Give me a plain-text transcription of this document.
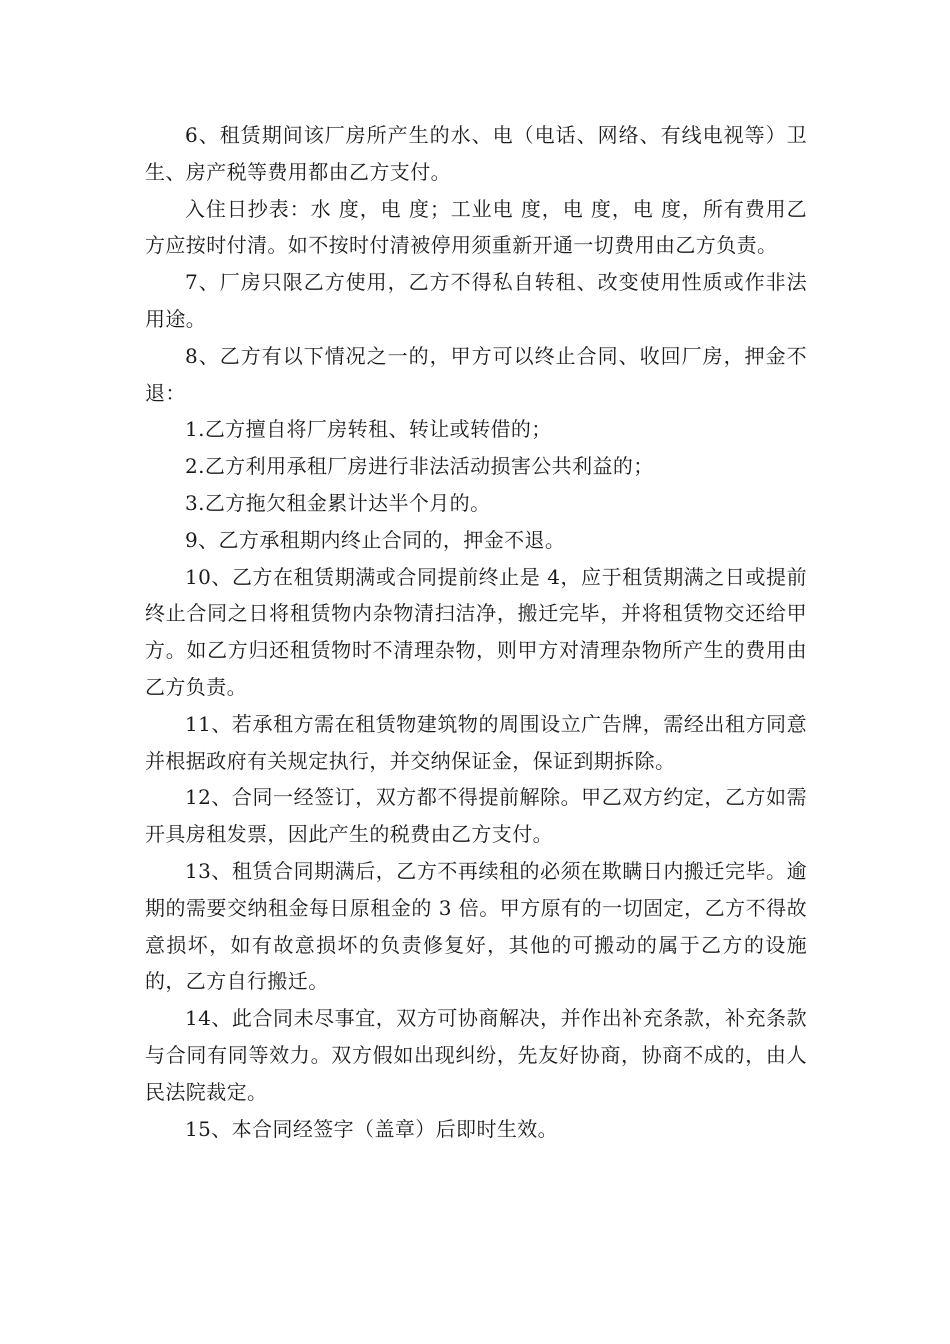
6、租赁期间该厂房所产生的水、电（电话、网络、有线电视等）卫生、房产税等费用都由乙方支付。

入住日抄表：水 度，电 度；工业电 度，电 度，电 度，所有费用乙方应按时付清。如不按时付清被停用须重新开通一切费用由乙方负责。

7、厂房只限乙方使用，乙方不得私自转租、改变使用性质或作非法用途。

8、乙方有以下情况之一的，甲方可以终止合同、收回厂房，押金不退：

1.乙方擅自将厂房转租、转让或转借的；

2.乙方利用承租厂房进行非法活动损害公共利益的；

3.乙方拖欠租金累计达半个月的。

9、乙方承租期内终止合同的，押金不退。

10、乙方在租赁期满或合同提前终止是 4，应于租赁期满之日或提前终止合同之日将租赁物内杂物清扫洁净，搬迁完毕，并将租赁物交还给甲方。如乙方归还租赁物时不清理杂物，则甲方对清理杂物所产生的费用由乙方负责。

11、若承租方需在租赁物建筑物的周围设立广告牌，需经出租方同意并根据政府有关规定执行，并交纳保证金，保证到期拆除。

12、合同一经签订，双方都不得提前解除。甲乙双方约定，乙方如需开具房租发票，因此产生的税费由乙方支付。

13、租赁合同期满后，乙方不再续租的必须在欺瞒日内搬迁完毕。逾期的需要交纳租金每日原租金的 3 倍。甲方原有的一切固定，乙方不得故意损坏，如有故意损坏的负责修复好，其他的可搬动的属于乙方的设施的，乙方自行搬迁。

14、此合同未尽事宜，双方可协商解决，并作出补充条款，补充条款与合同有同等效力。双方假如出现纠纷，先友好协商，协商不成的，由人民法院裁定。

15、本合同经签字（盖章）后即时生效。
